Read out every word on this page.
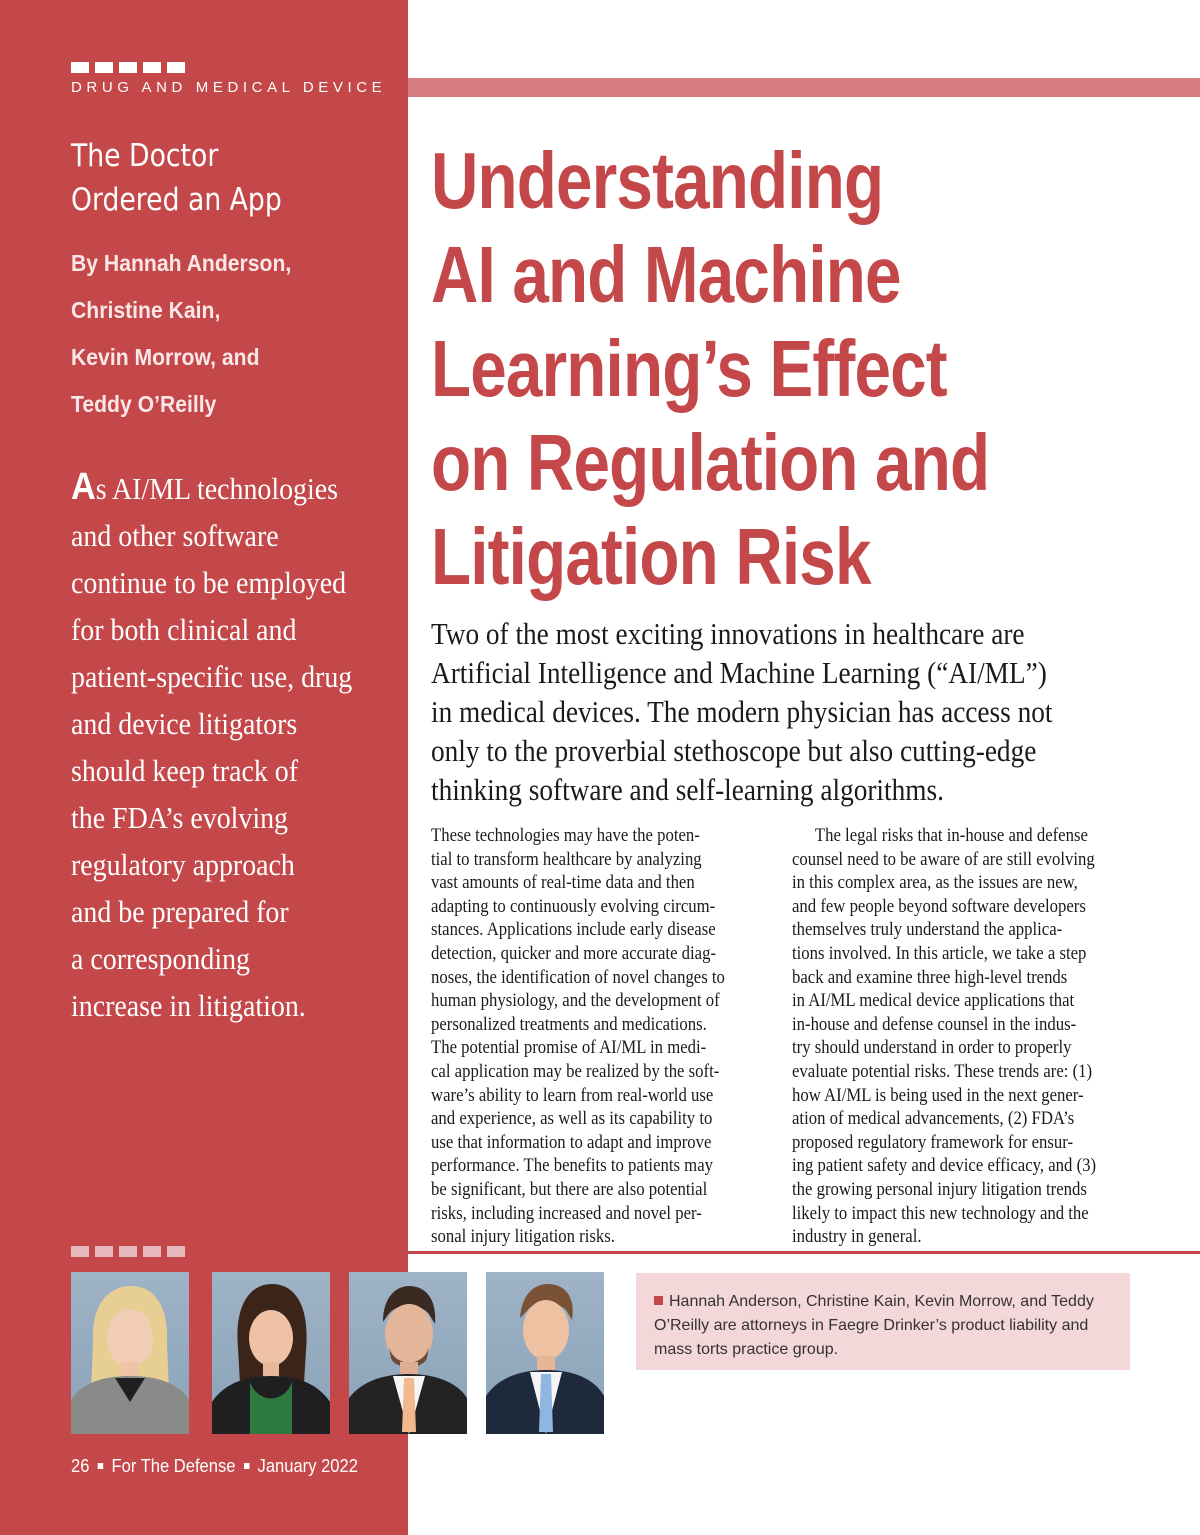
DRUG AND MEDICAL DEVICE
The Doctor
Ordered an App
By Hannah Anderson,
Christine Kain,
Kevin Morrow, and
Teddy O’Reilly
As AI/ML technologies
and other software
continue to be employed
for both clinical and
patient-specific use, drug
and device litigators
should keep track of
the FDA’s evolving
regulatory approach
and be prepared for
a corresponding
increase in litigation.
Understanding
AI and Machine
Learning’s Effect
on Regulation and
Litigation Risk
Two of the most exciting innovations in healthcare are
Artificial Intelligence and Machine Learning (“AI/ML”)
in medical devices. The modern physician has access not
only to the proverbial stethoscope but also cutting-edge
thinking software and self-learning algorithms.
These technologies may have the poten-
tial to transform healthcare by analyzing
vast amounts of real-time data and then
adapting to continuously evolving circum-
stances. Applications include early disease
detection, quicker and more accurate diag-
noses, the identification of novel changes to
human physiology, and the development of
personalized treatments and medications.
The potential promise of AI/ML in medi-
cal application may be realized by the soft-
ware’s ability to learn from real-world use
and experience, as well as its capability to
use that information to adapt and improve
performance. The benefits to patients may
be significant, but there are also potential
risks, including increased and novel per-
sonal injury litigation risks.
The legal risks that in-house and defense
counsel need to be aware of are still evolving
in this complex area, as the issues are new,
and few people beyond software developers
themselves truly understand the applica-
tions involved. In this article, we take a step
back and examine three high-level trends
in AI/ML medical device applications that
in-house and defense counsel in the indus-
try should understand in order to properly
evaluate potential risks. These trends are: (1)
how AI/ML is being used in the next gener-
ation of medical advancements, (2) FDA’s
proposed regulatory framework for ensur-
ing patient safety and device efficacy, and (3)
the growing personal injury litigation trends
likely to impact this new technology and the
industry in general.
Hannah Anderson, Christine Kain, Kevin Morrow, and Teddy O’Reilly are attorneys in Faegre Drinker’s product liability and mass torts practice group.
26 For The Defense January 2022
